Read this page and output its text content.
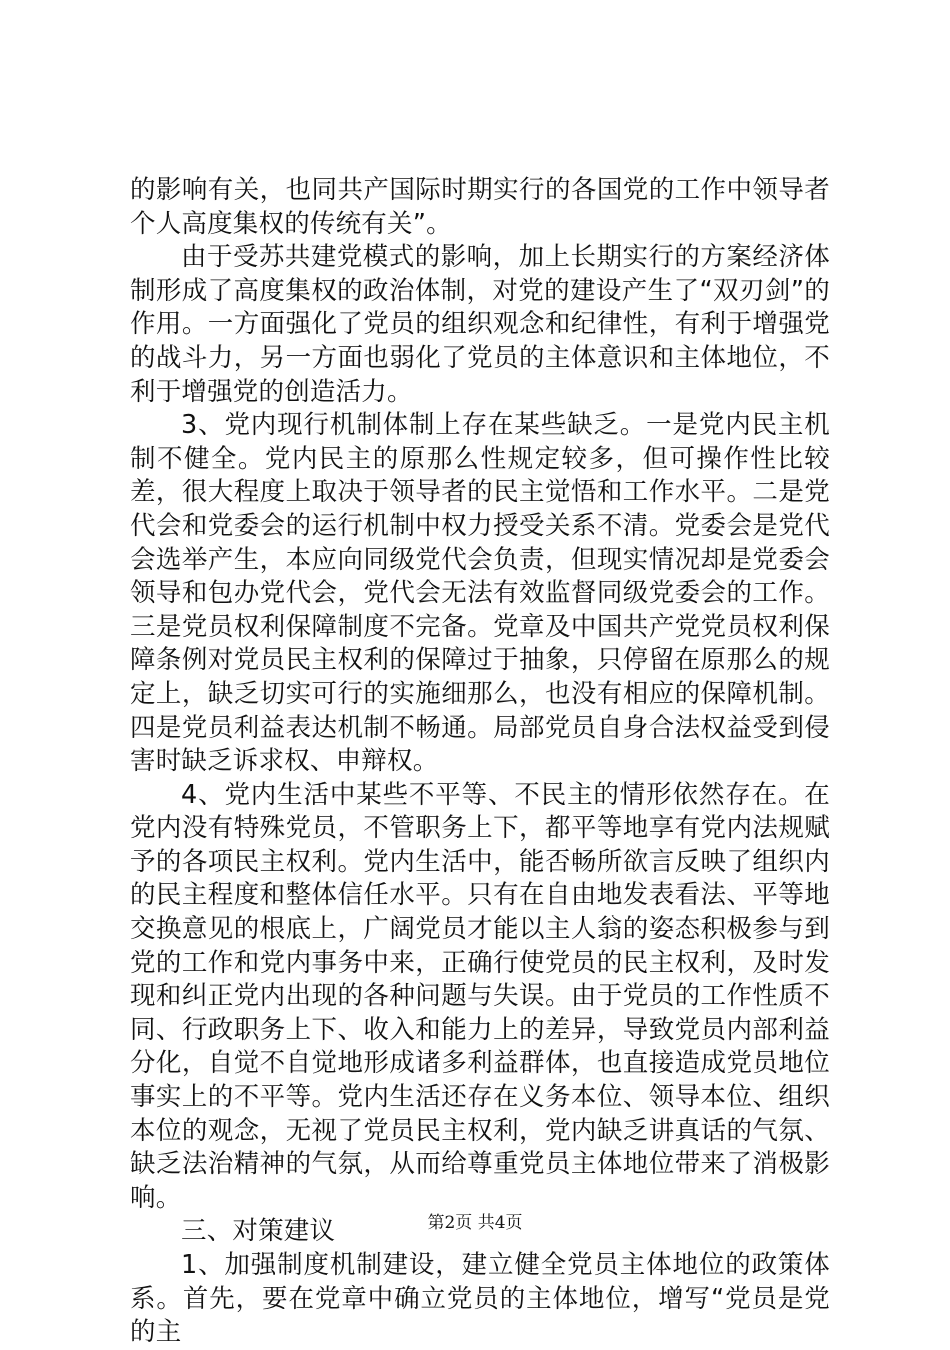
的影响有关，也同共产国际时期实行的各国党的工作中领导者个人高度集权的传统有关”。

由于受苏共建党模式的影响，加上长期实行的方案经济体制形成了高度集权的政治体制，对党的建设产生了“双刃剑”的作用。一方面强化了党员的组织观念和纪律性，有利于增强党的战斗力，另一方面也弱化了党员的主体意识和主体地位，不利于增强党的创造活力。

3、党内现行机制体制上存在某些缺乏。一是党内民主机制不健全。党内民主的原那么性规定较多，但可操作性比较差，很大程度上取决于领导者的民主觉悟和工作水平。二是党代会和党委会的运行机制中权力授受关系不清。党委会是党代会选举产生，本应向同级党代会负责，但现实情况却是党委会领导和包办党代会，党代会无法有效监督同级党委会的工作。三是党员权利保障制度不完备。党章及中国共产党党员权利保障条例对党员民主权利的保障过于抽象，只停留在原那么的规定上，缺乏切实可行的实施细那么，也没有相应的保障机制。四是党员利益表达机制不畅通。局部党员自身合法权益受到侵害时缺乏诉求权、申辩权。

4、党内生活中某些不平等、不民主的情形依然存在。在党内没有特殊党员，不管职务上下，都平等地享有党内法规赋予的各项民主权利。党内生活中，能否畅所欲言反映了组织内的民主程度和整体信任水平。只有在自由地发表看法、平等地交换意见的根底上，广阔党员才能以主人翁的姿态积极参与到党的工作和党内事务中来，正确行使党员的民主权利，及时发现和纠正党内出现的各种问题与失误。由于党员的工作性质不同、行政职务上下、收入和能力上的差异，导致党员内部利益分化，自觉不自觉地形成诸多利益群体，也直接造成党员地位事实上的不平等。党内生活还存在义务本位、领导本位、组织本位的观念，无视了党员民主权利，党内缺乏讲真话的气氛、缺乏法治精神的气氛，从而给尊重党员主体地位带来了消极影响。

三、对策建议

1、加强制度机制建设，建立健全党员主体地位的政策体系。首先，要在党章中确立党员的主体地位，增写“党员是党的主

第2页 共4页
